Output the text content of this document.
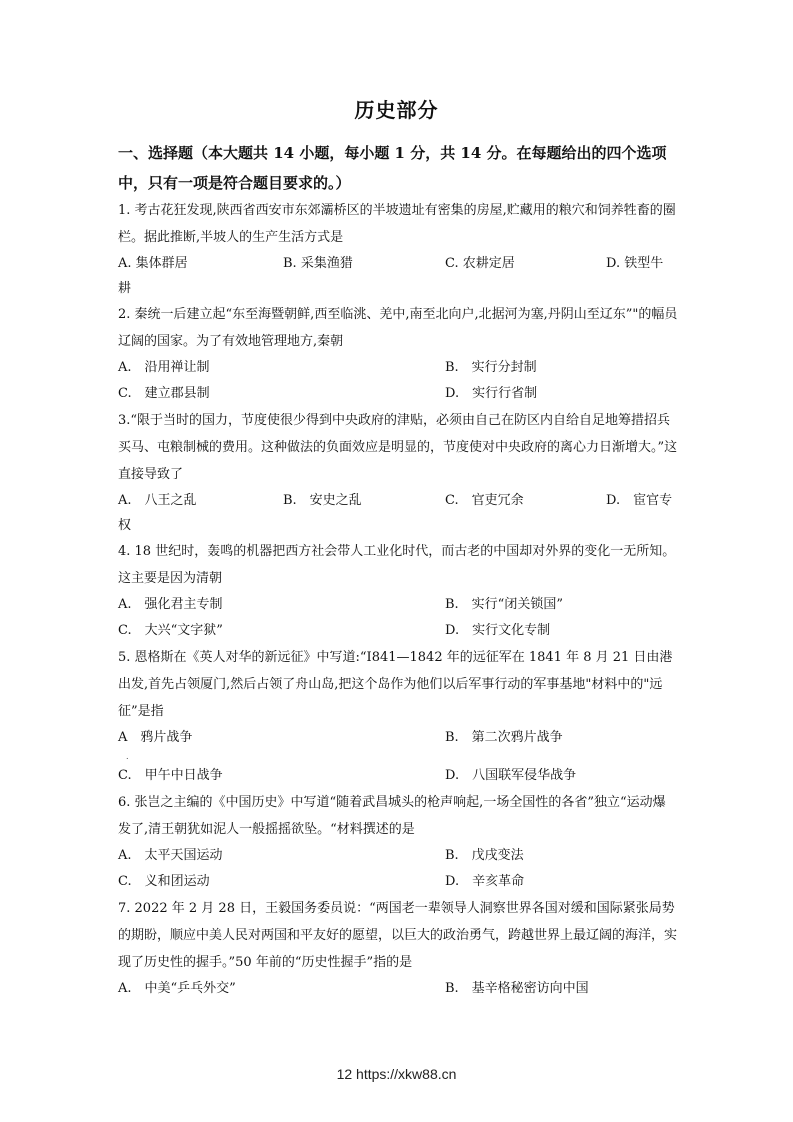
历史部分
一、选择题（本大题共 14 小题，每小题 1 分，共 14 分。在每题给出的四个选项中，只有一项是符合题目要求的。）

1. 考古花狂发现,陕西省西安市东郊灞桥区的半坡遗址有密集的房屋,贮藏用的粮穴和饲养牲畜的圈栏。据此推断,半坡人的生产生活方式是

A. 集体群居	B. 采集渔猎	C. 农耕定居	D. 铁型牛
耕

2. 秦统一后建立起“东至海暨朝鲜,西至临洮、羌中,南至北向户,北据河为塞,丹阴山至辽东”"的幅员辽阔的国家。为了有效地管理地方,秦朝

A.　沿用禅让制	B.　实行分封制
C.　建立郡县制	D.　实行行省制

3.“限于当时的国力，节度使很少得到中央政府的津贴，必须由自己在防区内自给自足地筹措招兵买马、屯粮制械的费用。这种做法的负面效应是明显的，节度使对中央政府的离心力日渐增大。”这直接导致了

A.　八王之乱	B.　安史之乱	C.　官吏冗余	D.　宦官专
权

4. 18 世纪时，轰鸣的机器把西方社会带人工业化时代，而古老的中国却对外界的变化一无所知。这主要是因为清朝

A.　强化君主专制	B.　实行“闭关锁国”
C.　大兴“文字狱”	D.　实行文化专制

5. 恩格斯在《英人对华的新远征》中写道:“I841—1842 年的远征军在 1841 年 8 月 21 日由港出发,首先占领厦门,然后占领了舟山岛,把这个岛作为他们以后军事行动的军事基地"材料中的"远征”是指

A　鸦片战争	B.　第二次鸦片战争
.
C.　甲午中日战争	D.　八国联军侵华战争

6. 张岂之主编的《中国历史》中写道“随着武昌城头的枪声响起,一场全国性的各省”独立“运动爆发了,清王朝犹如泥人一般摇摇欲坠。“材料撰述的是

A.　太平天国运动	B.　戊戌变法
C.　义和团运动	D.　辛亥革命

7. 2022 年 2 月 28 日，王毅国务委员说：“两国老一辈领导人洞察世界各国对缓和国际紧张局势的期盼，顺应中美人民对两国和平友好的愿望，以巨大的政治勇气，跨越世界上最辽阔的海洋，实现了历史性的握手。”50 年前的“历史性握手”指的是

A.　中美“乒乓外交”	B.　基辛格秘密访向中国
12 https://xkw88.cn
